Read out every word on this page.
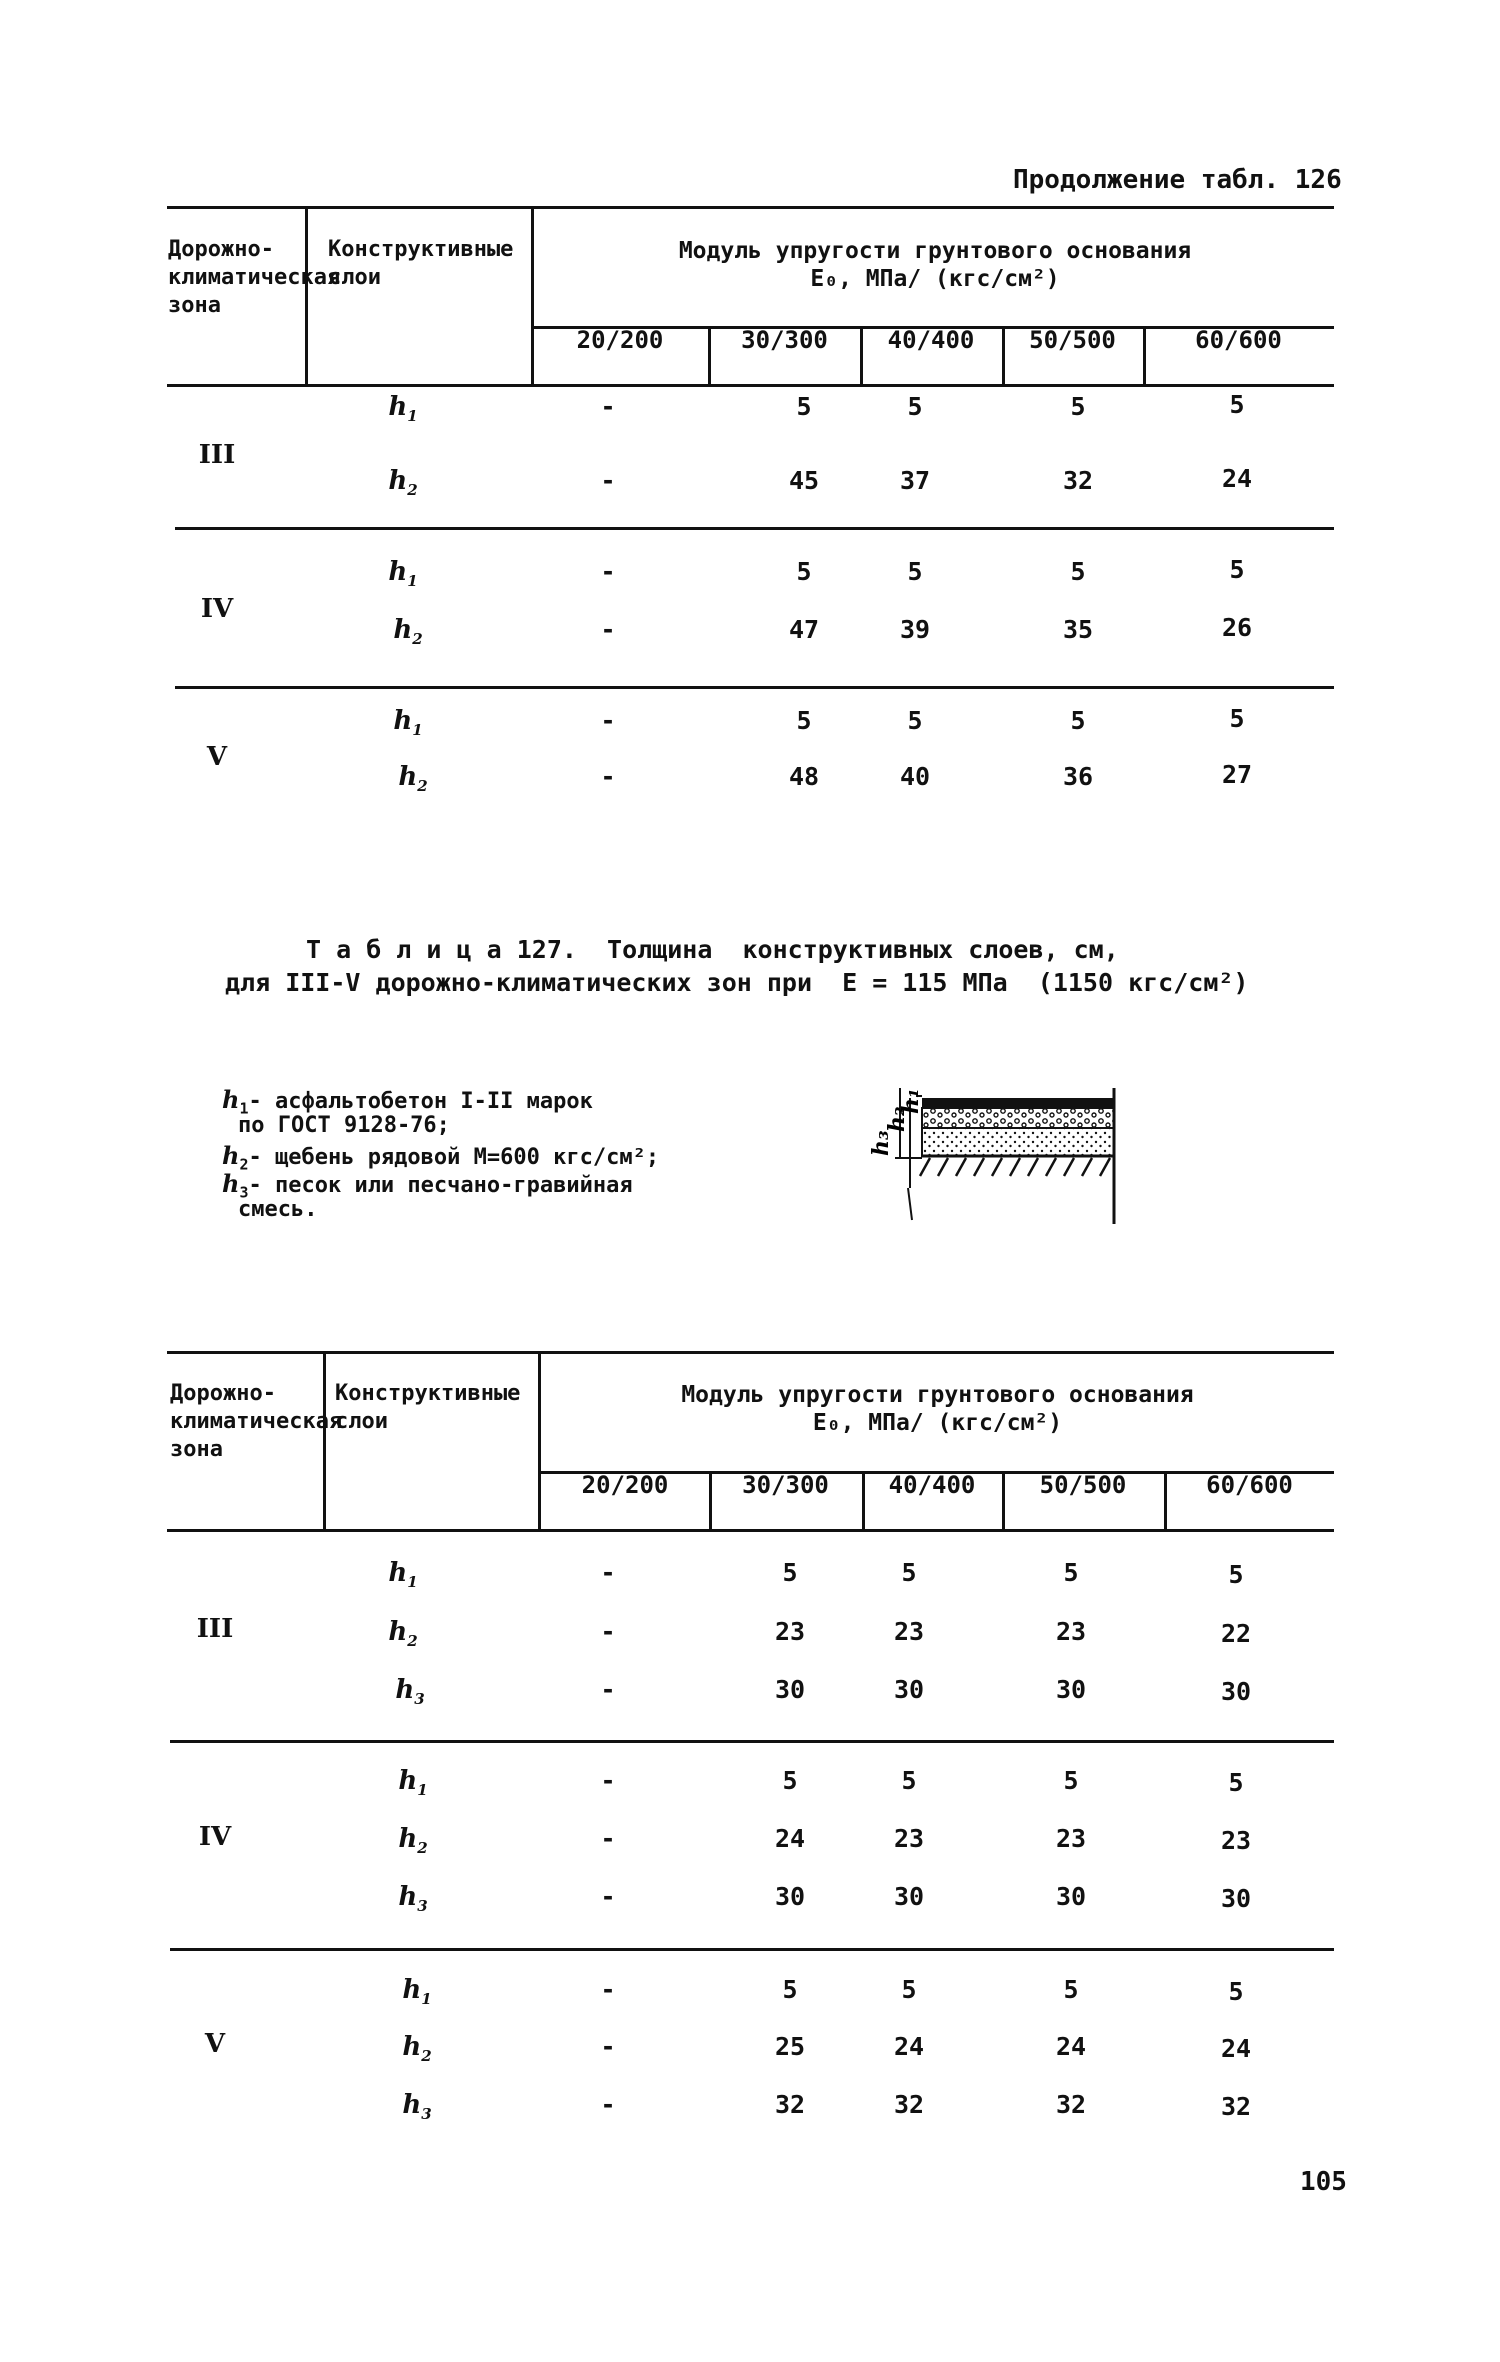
Продолжение табл. 126
Дорожно-климатическая зона
Конструктивные слои
Модуль упругости грунтового основания
E₀, МПа/ (кгс/см²)
20/200	30/300	40/400	50/500	60/600
III
$h_1$	-	5	5	5	5
$h_2$	-	45	37	32	24
IV
$h_1$	-	5	5	5	5
$h_2$	-	47	39	35	26
V
$h_1$	-	5	5	5	5
$h_2$	-	48	40	36	27
Т а б л и ц а 127.  Толщина  конструктивных слоев, см,
для III-V дорожно-климатических зон при  E = 115 МПа  (1150 кгс/см²)
$h_1-$ асфальтобетон I-II марок
по ГОСТ 9128-76;
$h_2-$ щебень рядовой М=600 кгс/см²;
$h_3-$ песок или песчано-гравийная
смесь.
h₃
h₂
h₁
Дорожно-климатическая зона
Конструктивные слои
Модуль упругости грунтового основания
E₀, МПа/ (кгс/см²)
20/200	30/300	40/400	50/500	60/600
III
$h_1$	-	5	5	5	5
$h_2$	-	23	23	23	22
$h_3$	-	30	30	30	30
IV
$h_1$	-	5	5	5	5
$h_2$	-	24	23	23	23
$h_3$	-	30	30	30	30
V
$h_1$	-	5	5	5	5
$h_2$	-	25	24	24	24
$h_3$	-	32	32	32	32
105
